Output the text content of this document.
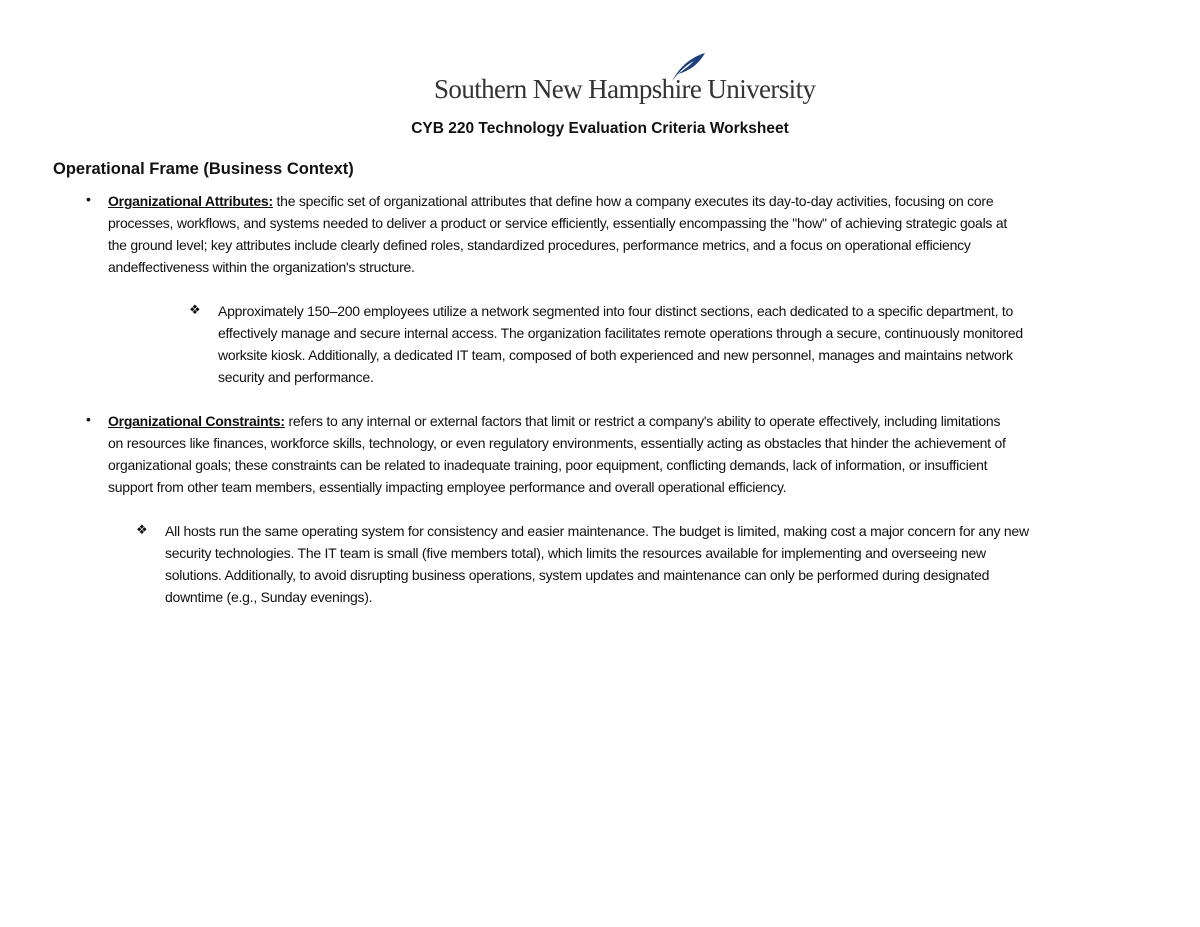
Southern New Hampshire University
CYB 220 Technology Evaluation Criteria Worksheet
Operational Frame (Business Context)
• Organizational Attributes: the specific set of organizational attributes that define how a company executes its day-to-day activities, focusing on core
processes, workflows, and systems needed to deliver a product or service efficiently, essentially encompassing the "how" of achieving strategic goals at
the ground level; key attributes include clearly defined roles, standardized procedures, performance metrics, and a focus on operational efficiency
andeffectiveness within the organization's structure.
❖ Approximately 150–200 employees utilize a network segmented into four distinct sections, each dedicated to a specific department, to
effectively manage and secure internal access. The organization facilitates remote operations through a secure, continuously monitored
worksite kiosk. Additionally, a dedicated IT team, composed of both experienced and new personnel, manages and maintains network
security and performance.
• Organizational Constraints: refers to any internal or external factors that limit or restrict a company's ability to operate effectively, including limitations
on resources like finances, workforce skills, technology, or even regulatory environments, essentially acting as obstacles that hinder the achievement of
organizational goals; these constraints can be related to inadequate training, poor equipment, conflicting demands, lack of information, or insufficient
support from other team members, essentially impacting employee performance and overall operational efficiency.
❖ All hosts run the same operating system for consistency and easier maintenance. The budget is limited, making cost a major concern for any new
security technologies. The IT team is small (five members total), which limits the resources available for implementing and overseeing new
solutions. Additionally, to avoid disrupting business operations, system updates and maintenance can only be performed during designated
downtime (e.g., Sunday evenings).
